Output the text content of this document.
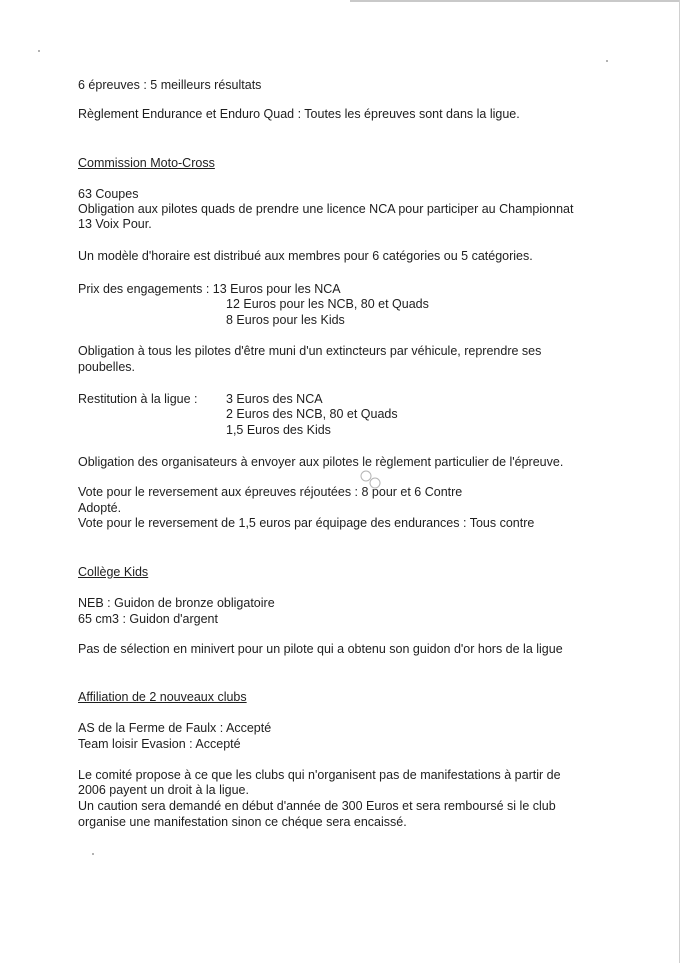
6 épreuves : 5 meilleurs résultats

Règlement Endurance et Enduro Quad : Toutes les épreuves sont dans la ligue.

Commission Moto-Cross

63 Coupes

Obligation aux pilotes quads de prendre une licence NCA pour participer au Championnat

13 Voix Pour.

Un modèle d'horaire est distribué aux membres pour 6 catégories ou 5 catégories.

Prix des engagements : 13 Euros pour les NCA

12 Euros pour les NCB, 80 et Quads

8 Euros pour les Kids

Obligation à tous les pilotes d'être muni d'un extincteurs par véhicule, reprendre ses

poubelles.

Restitution à la ligue : 3 Euros des NCA

2 Euros des NCB, 80 et Quads

1,5 Euros des Kids

Obligation des organisateurs à envoyer aux pilotes le règlement particulier de l'épreuve.

Vote pour le reversement aux épreuves réjoutées : 8 pour et 6 Contre

Adopté.

Vote pour le reversement de 1,5 euros par équipage des endurances : Tous contre

Collège Kids

NEB : Guidon de bronze obligatoire

65 cm3 : Guidon d'argent

Pas de sélection en minivert pour un pilote qui a obtenu son guidon d'or hors de la ligue

Affiliation de 2 nouveaux clubs

AS de la Ferme de Faulx : Accepté

Team loisir Evasion : Accepté

Le comité propose à ce que les clubs qui n'organisent pas de manifestations à partir de

2006 payent un droit à la ligue.

Un caution sera demandé en début d'année de 300 Euros et sera remboursé si le club

organise une manifestation sinon ce chéque sera encaissé.
